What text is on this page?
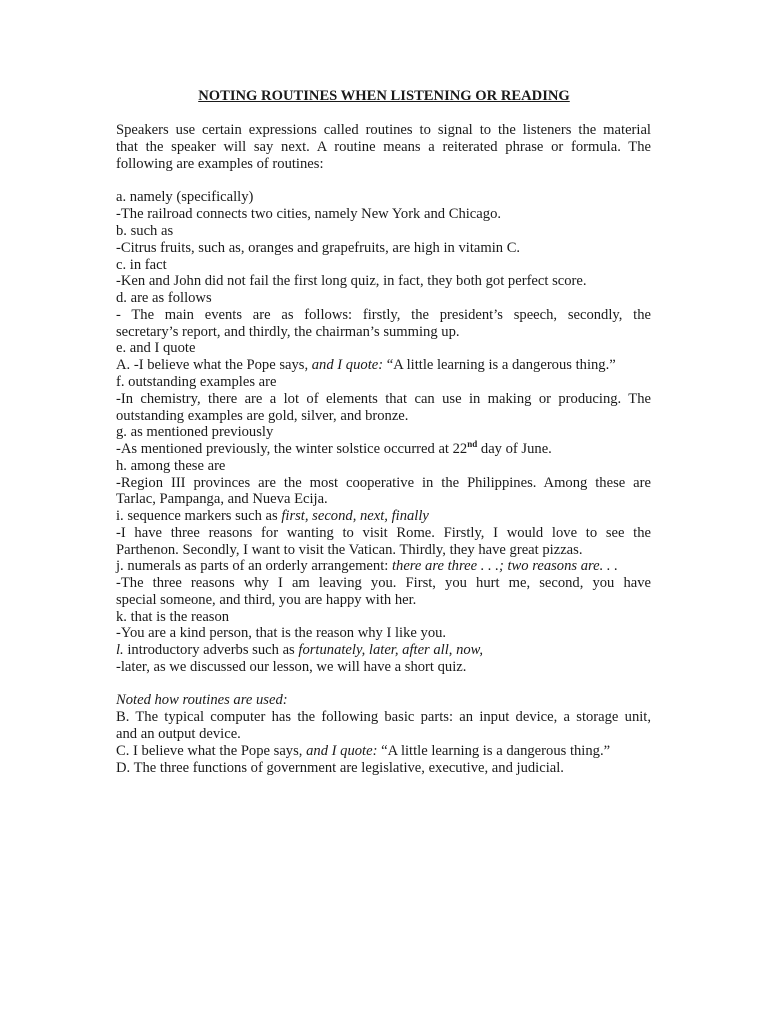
NOTING ROUTINES WHEN LISTENING OR READING
Speakers use certain expressions called routines to signal to the listeners the material
that the speaker will say next. A routine means a reiterated phrase or formula. The
following are examples of routines:
a. namely (specifically)
-The railroad connects two cities, namely New York and Chicago.
b. such as
-Citrus fruits, such as, oranges and grapefruits, are high in vitamin C.
c. in fact
-Ken and John did not fail the first long quiz, in fact, they both got perfect score.
d. are as follows
- The main events are as follows: firstly, the president’s speech, secondly, the
secretary’s report, and thirdly, the chairman’s summing up.
e. and I quote
A. -I believe what the Pope says, and I quote: “A little learning is a dangerous thing.”
f. outstanding examples are
-In chemistry, there are a lot of elements that can use in making or producing. The
outstanding examples are gold, silver, and bronze.
g. as mentioned previously
-As mentioned previously, the winter solstice occurred at 22nd day of June.
h. among these are
-Region III provinces are the most cooperative in the Philippines. Among these are
Tarlac, Pampanga, and Nueva Ecija.
i. sequence markers such as first, second, next, finally
-I have three reasons for wanting to visit Rome. Firstly, I would love to see the
Parthenon. Secondly, I want to visit the Vatican. Thirdly, they have great pizzas.
j. numerals as parts of an orderly arrangement: there are three . . .; two reasons are. . .
-The three reasons why I am leaving you. First, you hurt me, second, you have
special someone, and third, you are happy with her.
k. that is the reason
-You are a kind person, that is the reason why I like you.
l. introductory adverbs such as fortunately, later, after all, now,
-later, as we discussed our lesson, we will have a short quiz.
Noted how routines are used:
B. The typical computer has the following basic parts: an input device, a storage unit,
and an output device.
C. I believe what the Pope says, and I quote: “A little learning is a dangerous thing.”
D. The three functions of government are legislative, executive, and judicial.
